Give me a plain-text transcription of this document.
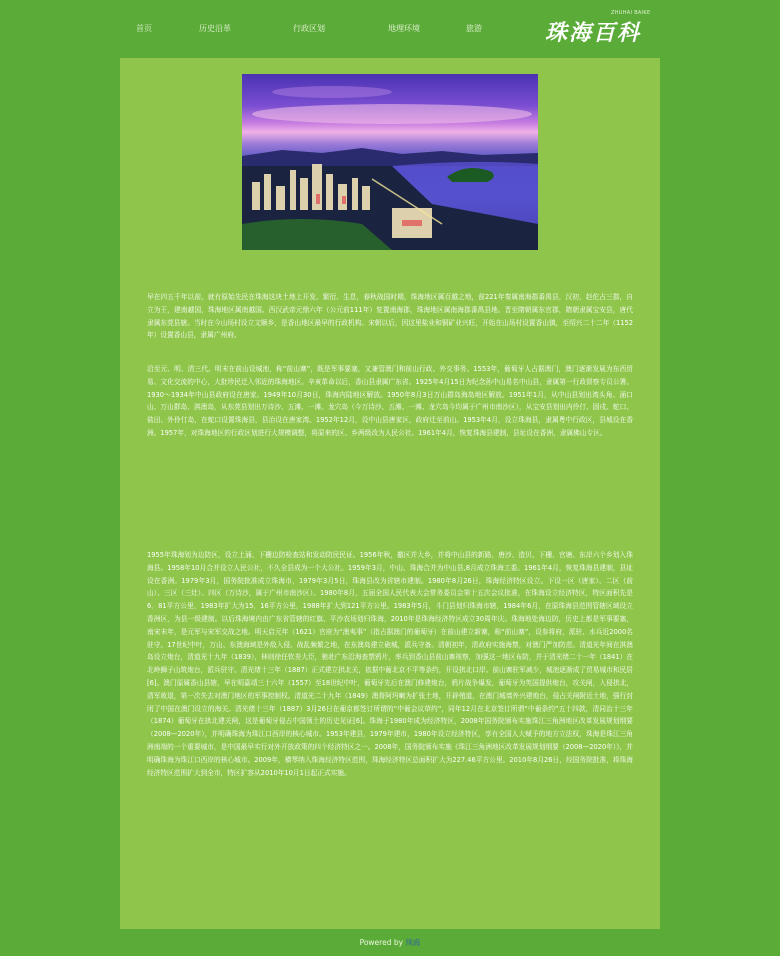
首页	历史沿革	行政区划	地理环境	旅游
ZHUHAI BAIKE
珠海百科
早在四五千年以前，就有原始先民在珠海这块土地上开发、繁衍、生息，春秋战国时期，珠海地区属百越之地，前221年秦属南海郡番禺县，汉初，赵佗占三郡，自立为王，建南越国，珠海地区属南越国。西汉武帝元鼎六年（公元前111年）复置南海郡，珠海地区属南海郡番禺县地。晋至隋朝属东官郡，隋朝隶属宝安县，唐代隶属东莞县辖。当时在今山场村设立文顺乡，是香山地区最早的行政机构。宋朝以后，因这里盐业和铜矿业兴旺，开始在山场村设置香山镇，至绍兴二十二年（1152年）设置香山县，隶属广州府。
沿至元、明、清三代。明末在前山设城池，称“前山寨”，既是军事要塞，又兼管澳门和前山行政、外交事务。1553年，葡萄牙人占据澳门，澳门逐渐发展为东西贸易、文化交流的中心，大批珍民迁入邻近的珠海地区。辛亥革命以后，香山县隶属广东省。1925年4月15日为纪念孙中山易名中山县，隶属第一行政督察专员公署。1930～1934年中山县政府设在唐家。1949年10月30日，珠海内陆地区解放。1950年8月3日万山群岛海岛地区解放。1951年1月，从中山县划出湾头角、涌口山、万山群岛、淇澳岛，从东莞县划出万诗沙、五滩、一滩、龙穴岛（今万诗沙、五滩、一滩、龙穴岛今均属于广州市南沙区），从宝安县划出内伶仃、固戍、蛇口、盐田、外伶仃岛，在蛇口设置珠海县，县治设在唐家湾。1952年12月，设中山县唐家区，政府迁至前山。1953年4月，设立珠海县，隶属粤中行政区，县城设在香洲。1957年，对珠海地区的行政区划进行大规模调整，将原来的区、乡两级改为人民公社。1961年4月，恢复珠海县建制，县址设在香洲，隶属佛山专区。
1955年珠海划为边防区，设立上涌、下栅边防检查站和发动防民民证。1956年秋，撤区并大乡，并将中山县的新路、唐沙、造贝、下栅、官塘、东岸六个乡划入珠海县。1958年10月合并设立人民公社，不久全县成为一个大公社。1959年3月，中山、珠海合并为中山县,8月成立珠海工委。1961年4月，恢复珠海县建制，县址设在香洲。1979年3月，国务院批准成立珠海市，1979年3月5日，珠海县改为省辖市建制。1980年8月26日，珠海经济特区设立。下设一区（唐家）、二区（前山）、三区（三灶）、四区（万诗沙，属于广州市南沙区）。1980年8月，五届全国人民代表大会常务委员会第十五次会议批准，在珠海设立经济特区，特区面积先是6．81平方公里，1983年扩大为15．16平方公里，1988年扩大到121平方公里。1983年5月，斗门县划归珠海市辖，1984年6月，在原珠海县范围管辖区域设立香洲区，为县一级建制。以后珠海境内由广东省管辖的红旗、平沙农场划归珠海，2010年是珠海经济特区成立30周年庆。珠海地处海边防，历史上都是军事要塞，南宋末年，是元军与宋军交战之地。明天启元年（1621）官府为“澳夷事”（指占据澳门的葡萄牙）在前山建立新寨，称“前山寨”，设参将府，派驻、水兵近2000名驻守。17世纪中叶，万山、东澳海域是外敌入侵、战乱频繁之地，在东澳岛建立砲城，派兵守备。清朝初年，清政府实施海禁，对澳门严加防范。清道光年间在淇澳岛设立炮台，清道光十九年（1839），林则徐任钦差大臣，驰赴广东沿海查禁鸦片，率兵到香山县前山寨视察，加强这一地区布防，并于清光绪二十一年（1841）在北岭狮子山筑炮台，派兵驻守。清光绪十三年（1887）正式建立拱北关，依据中葡北京不平等条约，开设拱北口岸。前山寨驻军减少，城池逐渐成了贸易城市和民居[6]。澳门原属香山县辖，早在明嘉靖三十六年（1557）至18世纪中叶，葡萄牙先后在澳门修建炮台，鸦片战争爆发，葡萄牙为英国提供炮台，攻关闸，入侵拱北，清军败退，第一次失去对澳门地区的军事控制权。清道光二十九年（1849）澳督阿玛喇为扩张土地，开辟殖道，在澳门城墙外兴建炮台，侵占关闸附近土地，强行封闭了中国在澳门设立的海关。清光绪十三年（1887）3月26日在葡京都签订所谓的“中葡会议草约”，同年12月在北京签订所谓“中葡条约”五十四款，清同治十三年（1874）葡萄牙在拱北建关闸，这是葡萄牙侵占中国领土的历史见证[6]。珠海于1980年成为经济特区，2008年国务院颁布实施珠江三角洲地区改革发展规划纲要（2008—2020年），并明确珠海为珠江口西岸的核心城市。1953年建县，1979年建市，1980年设立经济特区，享有全国人大赋予的地方立法权，珠海是珠江三角洲南端的一个重要城市，是中国最早实行对外开放政策的四个经济特区之一。2008年，国务院颁布实施《珠江三角洲地区改革发展规划纲要（2008—2020年）》，并明确珠海为珠江口西岸的核心城市。2009年，横琴纳入珠海经济特区范围，珠海经济特区总面积扩大为227.46平方公里。2010年8月26日，经国务院批准，将珠海经济特区范围扩大到全市，特区扩容从2010年10月1日起正式实施。
Powered by 珠海
